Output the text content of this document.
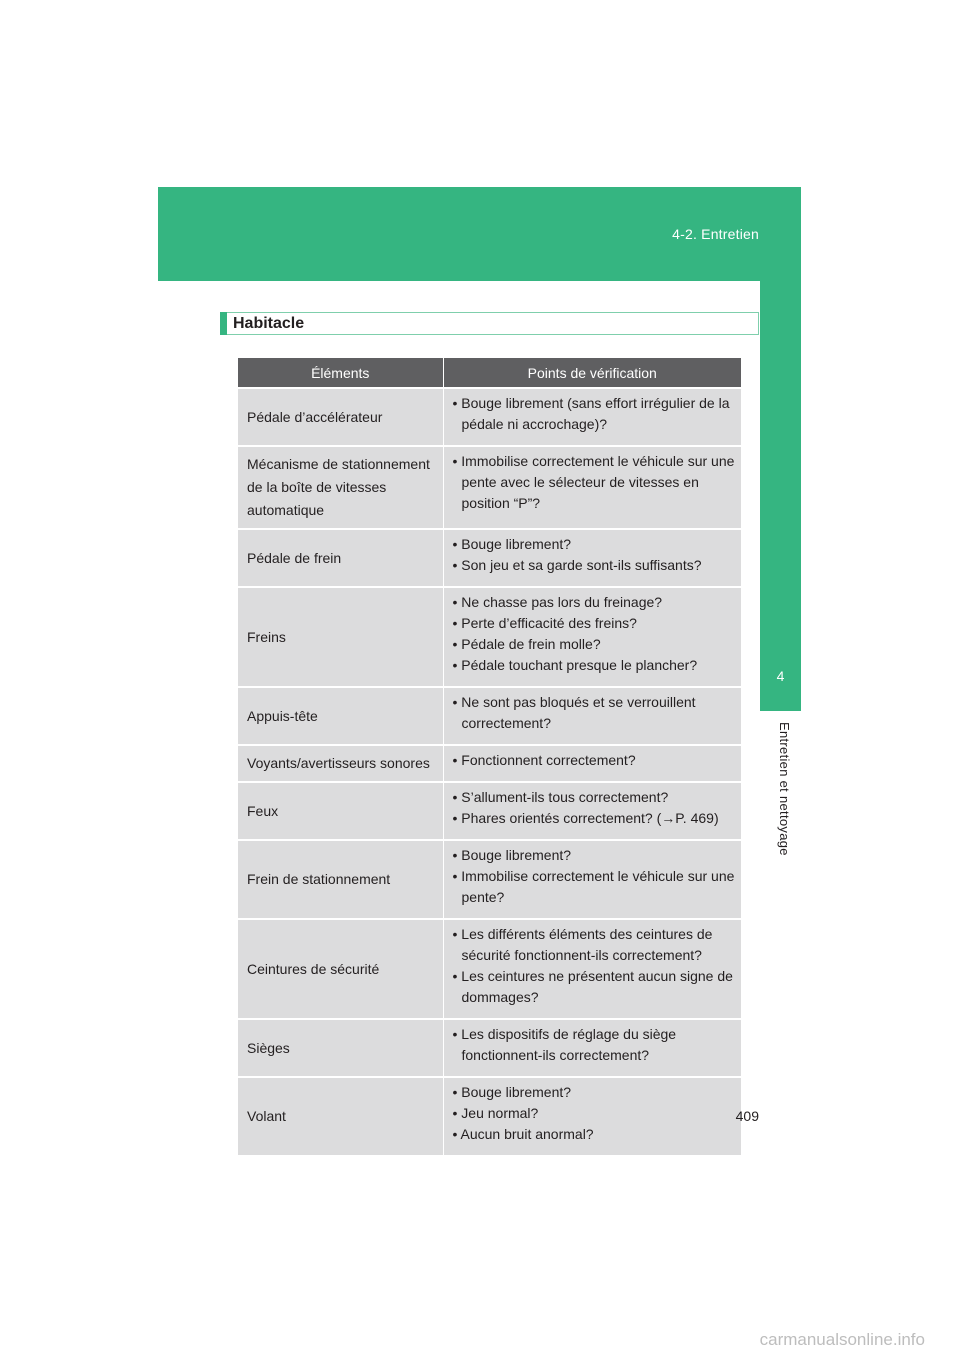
4-2. Entretien
4
Entretien et nettoyage
Habitacle
Éléments	Points de vérification
Pédale d’accélérateur	• Bouge librement (sans effort irrégulier de la pédale ni accrochage)?

Mécanisme de stationnement de la boîte de vitesses automatique	• Immobilise correctement le véhicule sur une pente avec le sélecteur de vitesses en position “P”?

Pédale de frein	• Bouge librement?
• Son jeu et sa garde sont-ils suffisants?

Freins	• Ne chasse pas lors du freinage?
• Perte d’efficacité des freins?
• Pédale de frein molle?
• Pédale touchant presque le plancher?

Appuis-tête	• Ne sont pas bloqués et se verrouillent correctement?

Voyants/avertisseurs sonores	• Fonctionnent correctement?

Feux	• S’allument-ils tous correctement?
• Phares orientés correctement? (→P. 469)

Frein de stationnement	• Bouge librement?
• Immobilise correctement le véhicule sur une pente?

Ceintures de sécurité	• Les différents éléments des ceintures de sécurité fonctionnent-ils correctement?
• Les ceintures ne présentent aucun signe de dommages?

Sièges	• Les dispositifs de réglage du siège fonctionnent-ils correctement?

Volant	• Bouge librement?
• Jeu normal?
• Aucun bruit anormal?
409
carmanualsonline.info
